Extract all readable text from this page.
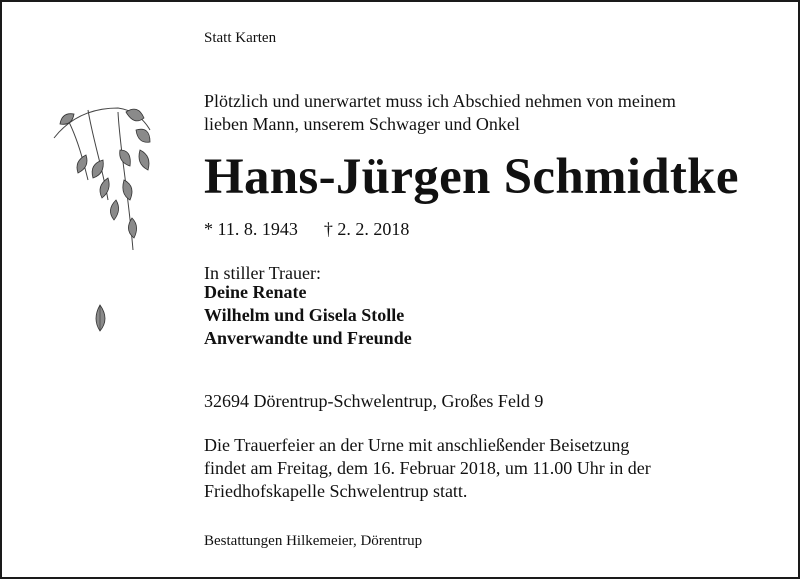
Statt Karten
Plötzlich und unerwartet muss ich Abschied nehmen von meinem
lieben Mann, unserem Schwager und Onkel
Hans-Jürgen Schmidtke
* 11. 8. 1943 † 2. 2. 2018
In stiller Trauer:
Deine Renate
Wilhelm und Gisela Stolle
Anverwandte und Freunde
32694 Dörentrup-Schwelentrup, Großes Feld 9
Die Trauerfeier an der Urne mit anschließender Beisetzung
findet am Freitag, dem 16. Februar 2018, um 11.00 Uhr in der
Friedhofskapelle Schwelentrup statt.
Bestattungen Hilkemeier, Dörentrup
